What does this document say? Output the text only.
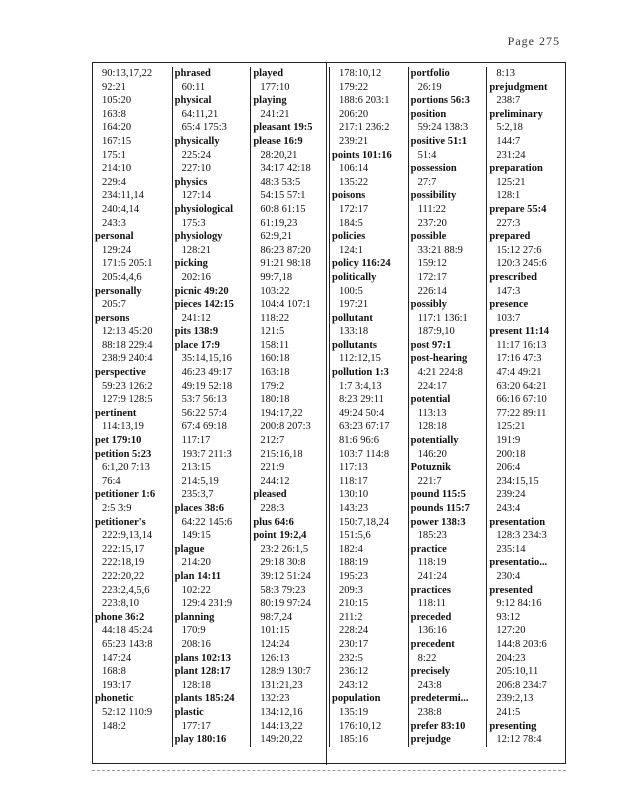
Page 275
90:13,17,22
92:21
105:20
163:8
164:20
167:15
175:1
214:10
229:4
234:11,14
240:4,14
243:3
personal
129:24
171:5 205:1
205:4,4,6
personally
205:7
persons
12:13 45:20
88:18 229:4
238:9 240:4
perspective
59:23 126:2
127:9 128:5
pertinent
114:13,19
pet 179:10
petition 5:23
6:1,20 7:13
76:4
petitioner 1:6
2:5 3:9
petitioner's
222:9,13,14
222:15,17
222:18,19
222:20,22
223:2,4,5,6
223:8,10
phone 36:2
44:18 45:24
65:23 143:8
147:24
168:8
193:17
phonetic
52:12 110:9
148:2
phrased
60:11
physical
64:11,21
65:4 175:3
physically
225:24
227:10
physics
127:14
physiological
175:3
physiology
128:21
picking
202:16
picnic 49:20
pieces 142:15
241:12
pits 138:9
place 17:9
35:14,15,16
46:23 49:17
49:19 52:18
53:7 56:13
56:22 57:4
67:4 69:18
117:17
193:7 211:3
213:15
214:5,19
235:3,7
places 38:6
64:22 145:6
149:15
plague
214:20
plan 14:11
102:22
129:4 231:9
planning
170:9
208:16
plans 102:13
plant 128:17
128:18
plants 185:24
plastic
177:17
play 180:16
played
177:10
playing
241:21
pleasant 19:5
please 16:9
28:20,21
34:17 42:18
48:3 53:5
54:15 57:1
60:8 61:15
61:19,23
62:9,21
86:23 87:20
91:21 98:18
99:7,18
103:22
104:4 107:1
118:22
121:5
158:11
160:18
163:18
179:2
180:18
194:17,22
200:8 207:3
212:7
215:16,18
221:9
244:12
pleased
228:3
plus 64:6
point 19:2,4
23:2 26:1,5
29:18 30:8
39:12 51:24
58:3 79:23
80:19 97:24
98:7,24
101:15
124:24
126:13
128:9 130:7
131:21,23
132:23
134:12,16
144:13,22
149:20,22
178:10,12
179:22
188:6 203:1
206:20
217:1 236:2
239:21
points 101:16
106:14
135:22
poisons
172:17
184:5
policies
124:1
policy 116:24
politically
100:5
197:21
pollutant
133:18
pollutants
112:12,15
pollution 1:3
1:7 3:4,13
8:23 29:11
49:24 50:4
63:23 67:17
81:6 96:6
103:7 114:8
117:13
118:17
130:10
143:23
150:7,18,24
151:5,6
182:4
188:19
195:23
209:3
210:15
211:2
228:24
230:17
232:5
236:12
243:12
population
135:19
176:10,12
185:16
portfolio
26:19
portions 56:3
position
59:24 138:3
positive 51:1
51:4
possession
27:7
possibility
111:22
237:20
possible
33:21 88:9
159:12
172:17
226:14
possibly
117:1 136:1
187:9,10
post 97:1
post-hearing
4:21 224:8
224:17
potential
113:13
128:18
potentially
146:20
Potuznik
221:7
pound 115:5
pounds 115:7
power 138:3
185:23
practice
118:19
241:24
practices
118:11
preceded
136:16
precedent
8:22
precisely
243:8
predetermi...
238:8
prefer 83:10
prejudge
8:13
prejudgment
238:7
preliminary
5:2,18
144:7
231:24
preparation
125:21
128:1
prepare 55:4
227:3
prepared
15:12 27:6
120:3 245:6
prescribed
147:3
presence
103:7
present 11:14
11:17 16:13
17:16 47:3
47:4 49:21
63:20 64:21
66:16 67:10
77:22 89:11
125:21
191:9
200:18
206:4
234:15,15
239:24
243:4
presentation
128:3 234:3
235:14
presentatio...
230:4
presented
9:12 84:16
93:12
127:20
144:8 203:6
204:23
205:10,11
206:8 234:7
239:2,13
241:5
presenting
12:12 78:4
